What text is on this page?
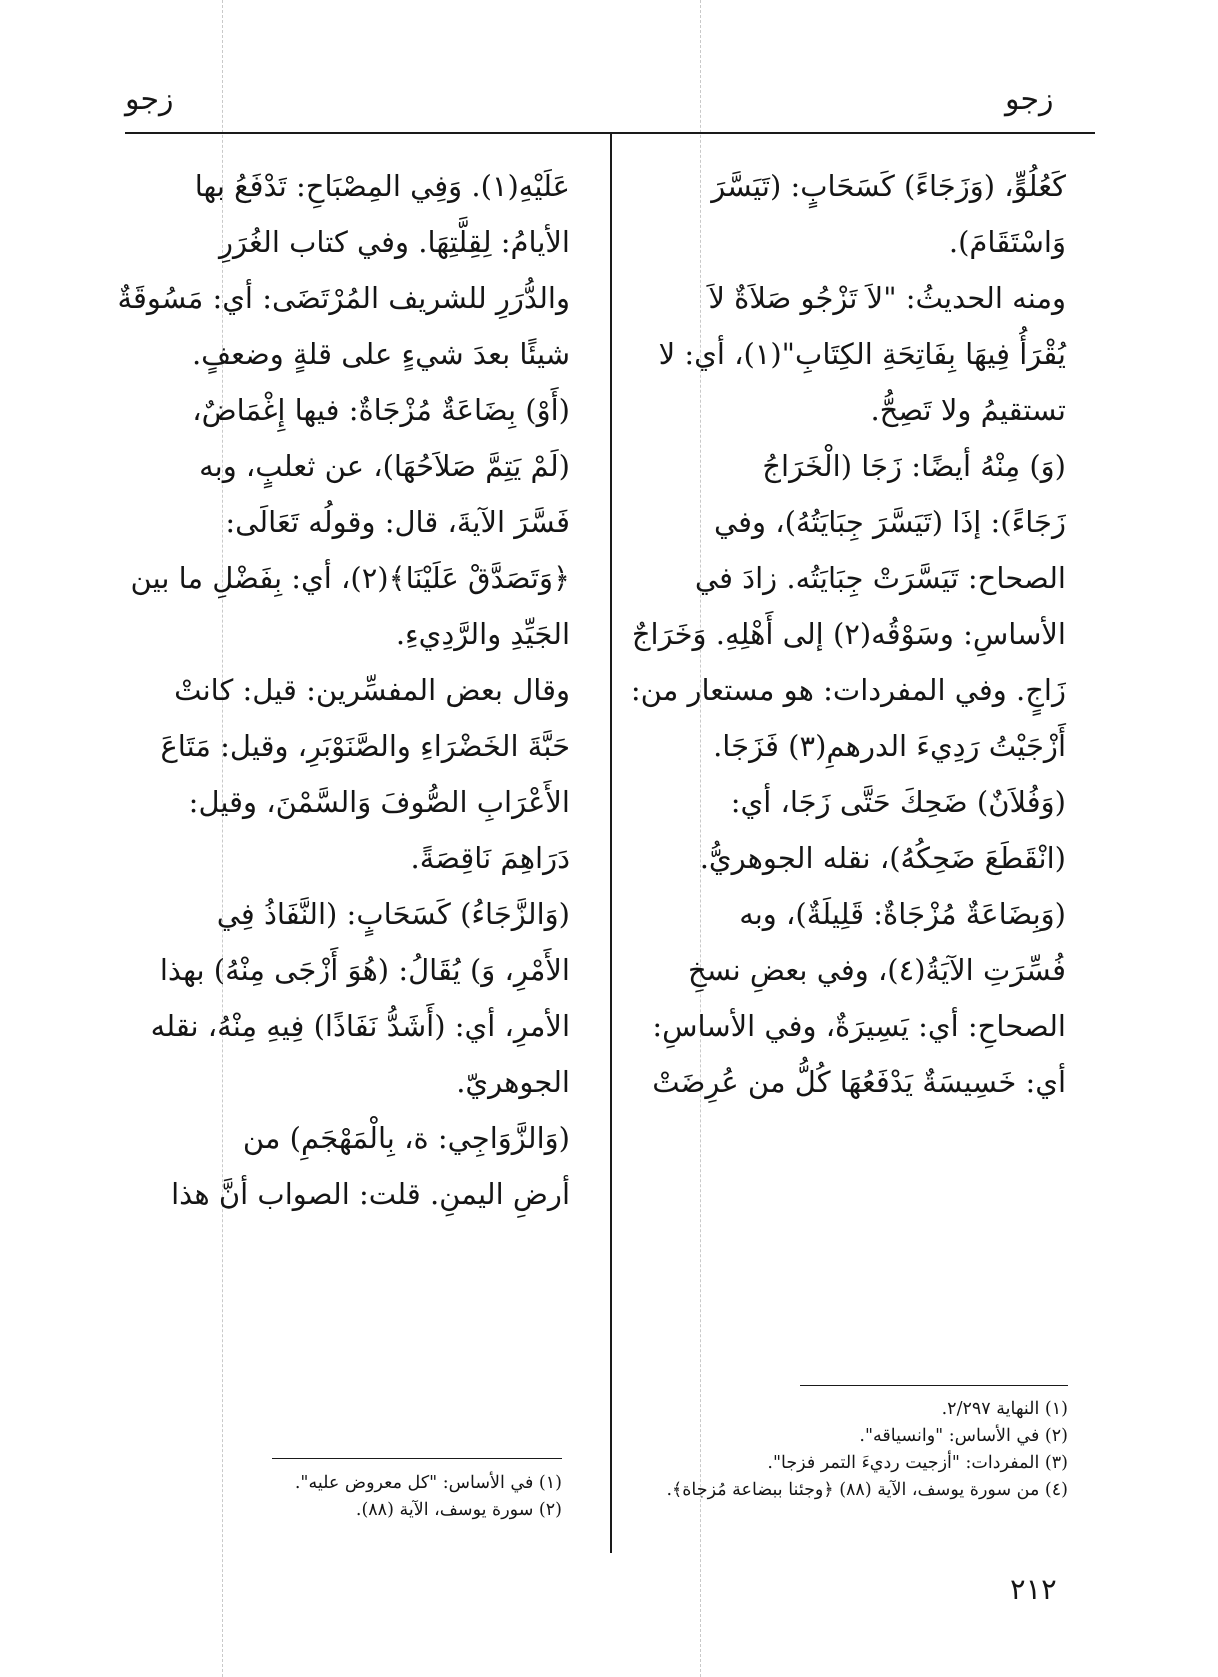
زجو	زجو

كَعُلُوٍّ، (وَزَجَاءً) كَسَحَابٍ: (تَيَسَّرَ

وَاسْتَقَامَ).

ومنه الحديثُ: "لاَ تَزْجُو صَلاَةٌ لاَ

يُقْرَأُ فِيهَا بِفَاتِحَةِ الكِتَابِ"(١)، أي: لا

تستقيمُ ولا تَصِحُّ.

(وَ) مِنْهُ أيضًا: زَجَا (الْخَرَاجُ

زَجَاءً): إذَا (تَيَسَّرَ جِبَايَتُهُ)، وفي

الصحاح: تَيَسَّرَتْ جِبَايَتُه. زادَ في

الأساسِ: وسَوْقُه(٢) إلى أَهْلِهِ. وَخَرَاجٌ

زَاجٍ. وفي المفردات: هو مستعار من:

أَزْجَيْتُ رَدِيءَ الدرهمِ(٣) فَزَجَا.

(وَفُلاَنٌ) ضَحِكَ حَتَّى زَجَا، أي:

(انْقَطَعَ ضَحِكُهُ)، نقله الجوهريُّ.

(وَبِضَاعَةٌ مُزْجَاةٌ: قَلِيلَةٌ)، وبه

فُسِّرَتِ الآيَةُ(٤)، وفي بعضِ نسخِ

الصحاحِ: أي: يَسِيرَةٌ، وفي الأساسِ:

أي: خَسِيسَةٌ يَدْفَعُهَا كُلُّ من عُرِضَتْ

عَلَيْهِ(١). وَفِي المِصْبَاحِ: تَدْفَعُ بها

الأيامُ: لِقِلَّتِهَا. وفي كتاب الغُرَرِ

والدُّرَرِ للشريف المُرْتَضَى: أي: مَسُوقَةٌ

شيئًا بعدَ شيءٍ على قلةٍ وضعفٍ.

(أَوْ) بِضَاعَةٌ مُزْجَاةٌ: فيها إِغْمَاضٌ،

(لَمْ يَتِمَّ صَلاَحُهَا)، عن ثعلبٍ، وبه

فَسَّرَ الآيةَ، قال: وقولُه تَعَالَى:

﴿وَتَصَدَّقْ عَلَيْنَا﴾(٢)، أي: بِفَضْلِ ما بين

الجَيِّدِ والرَّدِيءِ.

وقال بعض المفسِّرين: قيل: كانتْ

حَبَّةَ الخَضْرَاءِ والصَّنَوْبَرِ، وقيل: مَتَاعَ

الأَعْرَابِ الصُّوفَ وَالسَّمْنَ، وقيل:

دَرَاهِمَ نَاقِصَةً.

(وَالزَّجَاءُ) كَسَحَابٍ: (النَّفَاذُ فِي

الأَمْرِ، وَ) يُقَالُ: (هُوَ أَزْجَى مِنْهُ) بهذا

الأمرِ، أي: (أَشَدُّ نَفَاذًا) فِيهِ مِنْهُ، نقله

الجوهريّ.

(وَالزَّوَاجِي: ة، بِالْمَهْجَمِ) من

أرضِ اليمنِ. قلت: الصواب أنَّ هذا

(١) النهاية ٢/٢٩٧.
(٢) في الأساس: "وانسياقه".
(٣) المفردات: "أزجيت رديءَ التمر فزجا".
(٤) من سورة يوسف، الآية (٨٨) ﴿وجئنا ببضاعة مُزجاة﴾.
(١) في الأساس: "كل معروض عليه".
(٢) سورة يوسف، الآية (٨٨).
٢١٢
